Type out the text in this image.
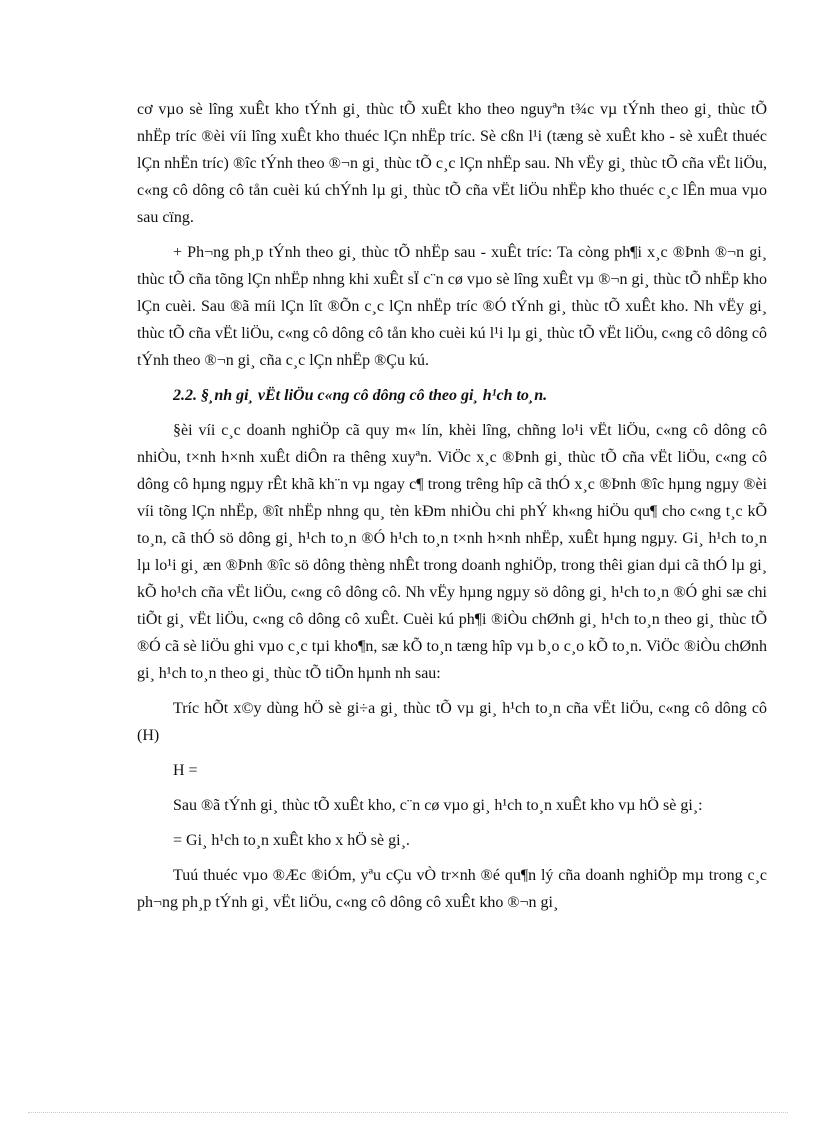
cơ vµo sè lîng xuÊt kho tÝnh gi¸ thùc tÕ xuÊt kho theo nguyªn t¾c vµ tÝnh theo gi¸ thùc tÕ nhËp tríc ®èi víi lîng xuÊt kho thuéc lÇn nhËp tríc. Sè cßn l¹i (tæng sè xuÊt kho - sè xuÊt thuéc lÇn nhËn tríc) ®îc tÝnh theo ®¬n gi¸ thùc tÕ c¸c lÇn nhËp sau. Nh vËy gi¸ thùc tÕ cña vËt liÖu, c«ng cô dông cô tån cuèi kú chÝnh lµ gi¸ thùc tÕ cña vËt liÖu nhËp kho thuéc c¸c lÊn mua vµo sau cïng.

+ Ph¬ng ph¸p tÝnh theo gi¸ thùc tÕ nhËp sau - xuÊt tríc: Ta còng ph¶i x¸c ®Þnh ®¬n gi¸ thùc tÕ cña tõng lÇn nhËp nhng khi xuÊt sÏ c¨n cø vµo sè lîng xuÊt vµ ®¬n gi¸ thùc tÕ nhËp kho lÇn cuèi. Sau ®ã míi lÇn lît ®Õn c¸c lÇn nhËp tríc ®Ó tÝnh gi¸ thùc tÕ xuÊt kho. Nh vËy gi¸ thùc tÕ cña vËt liÖu, c«ng cô dông cô tån kho cuèi kú l¹i lµ gi¸ thùc tÕ vËt liÖu, c«ng cô dông cô tÝnh theo ®¬n gi¸ cña c¸c lÇn nhËp ®Çu kú.

2.2. §¸nh gi¸ vËt liÖu c«ng cô dông cô theo gi¸ h¹ch to¸n.

§èi víi c¸c doanh nghiÖp cã quy m« lín, khèi lîng, chñng lo¹i vËt liÖu, c«ng cô dông cô nhiÒu, t×nh h×nh xuÊt diÔn ra thêng xuyªn. ViÖc x¸c ®Þnh gi¸ thùc tÕ cña vËt liÖu, c«ng cô dông cô hµng ngµy rÊt khã kh¨n vµ ngay c¶ trong trêng hîp cã thÓ x¸c ®Þnh ®îc hµng ngµy ®èi víi tõng lÇn nhËp, ®ît nhËp nhng qu¸ tèn kÐm nhiÒu chi phÝ kh«ng hiÖu qu¶ cho c«ng t¸c kÕ to¸n, cã thÓ sö dông gi¸ h¹ch to¸n ®Ó h¹ch to¸n t×nh h×nh nhËp, xuÊt hµng ngµy. Gi¸ h¹ch to¸n lµ lo¹i gi¸ æn ®Þnh ®îc sö dông thèng nhÊt trong doanh nghiÖp, trong thêi gian dµi cã thÓ lµ gi¸ kÕ ho¹ch cña vËt liÖu, c«ng cô dông cô. Nh vËy hµng ngµy sö dông gi¸ h¹ch to¸n ®Ó ghi sæ chi tiÕt gi¸ vËt liÖu, c«ng cô dông cô xuÊt. Cuèi kú ph¶i ®iÒu chØnh gi¸ h¹ch to¸n theo gi¸ thùc tÕ ®Ó cã sè liÖu ghi vµo c¸c tµi kho¶n, sæ kÕ to¸n tæng hîp vµ b¸o c¸o kÕ to¸n. ViÖc ®iÒu chØnh gi¸ h¹ch to¸n theo gi¸ thùc tÕ tiÕn hµnh nh sau:

Tríc hÕt x©y dùng hÖ sè gi÷a gi¸ thùc tÕ vµ gi¸ h¹ch to¸n cña vËt liÖu, c«ng cô dông cô (H)

H =

Sau ®ã tÝnh gi¸ thùc tÕ xuÊt kho, c¨n cø vµo gi¸ h¹ch to¸n xuÊt kho vµ hÖ sè gi¸:

= Gi¸ h¹ch to¸n xuÊt kho x hÖ sè gi¸.

Tuú thuéc vµo ®Æc ®iÓm, yªu cÇu vÒ tr×nh ®é qu¶n lý cña doanh nghiÖp mµ trong c¸c ph¬ng ph¸p tÝnh gi¸ vËt liÖu, c«ng cô dông cô xuÊt kho ®¬n gi¸
